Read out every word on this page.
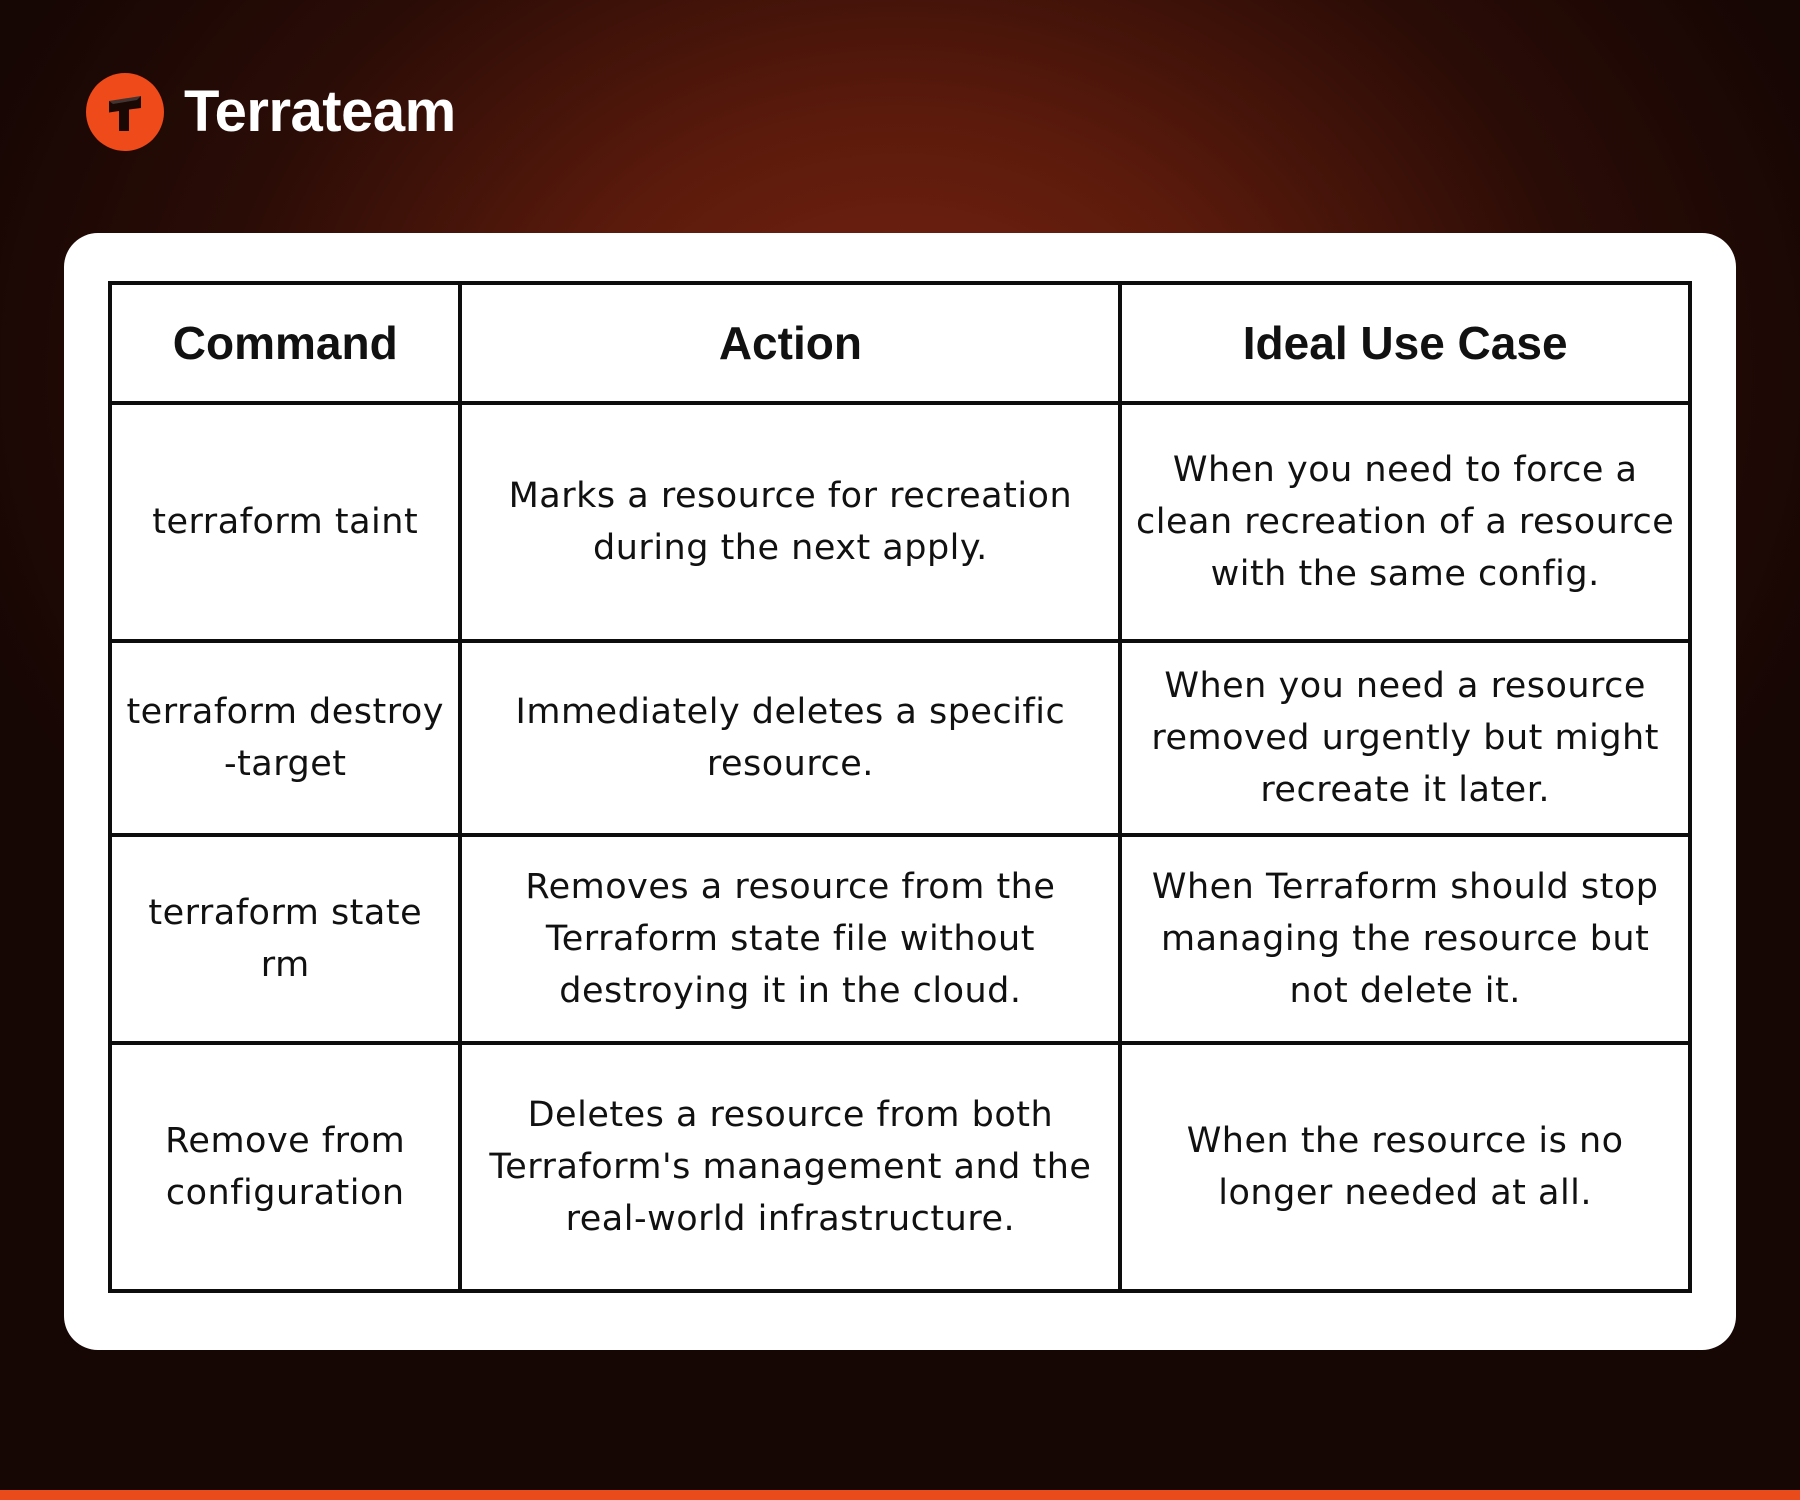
Terrateam
Command	Action	Ideal Use Case
terraform taint	Marks a resource for recreation during the next apply.	When you need to force a clean recreation of a resource with the same config.
terraform destroy -target	Immediately deletes a specific resource.	When you need a resource removed urgently but might recreate it later.
terraform state rm	Removes a resource from the Terraform state file without destroying it in the cloud.	When Terraform should stop managing the resource but not delete it.
Remove from configuration	Deletes a resource from both Terraform's management and the real-world infrastructure.	When the resource is no longer needed at all.
